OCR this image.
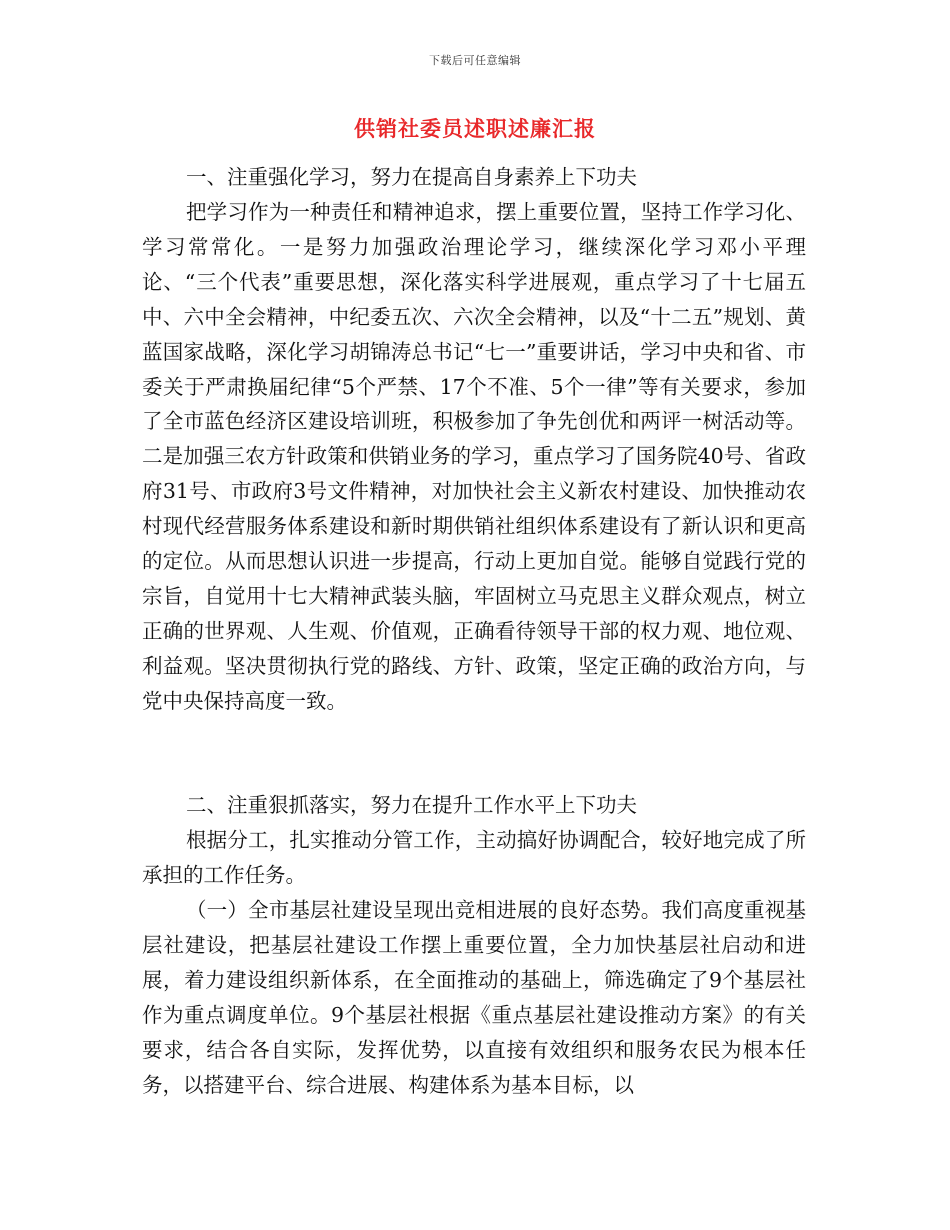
下载后可任意编辑
供销社委员述职述廉汇报

一、注重强化学习，努力在提高自身素养上下功夫

把学习作为一种责任和精神追求，摆上重要位置，坚持工作学习化、学习常常化。一是努力加强政治理论学习，继续深化学习邓小平理论、“三个代表”重要思想，深化落实科学进展观，重点学习了十七届五中、六中全会精神，中纪委五次、六次全会精神，以及“十二五”规划、黄蓝国家战略，深化学习胡锦涛总书记“七一”重要讲话，学习中央和省、市委关于严肃换届纪律“5个严禁、17个不准、5个一律”等有关要求，参加了全市蓝色经济区建设培训班，积极参加了争先创优和两评一树活动等。二是加强三农方针政策和供销业务的学习，重点学习了国务院40号、省政府31号、市政府3号文件精神，对加快社会主义新农村建设、加快推动农村现代经营服务体系建设和新时期供销社组织体系建设有了新认识和更高的定位。从而思想认识进一步提高，行动上更加自觉。能够自觉践行党的宗旨，自觉用十七大精神武装头脑，牢固树立马克思主义群众观点，树立正确的世界观、人生观、价值观，正确看待领导干部的权力观、地位观、利益观。坚决贯彻执行党的路线、方针、政策，坚定正确的政治方向，与党中央保持高度一致。

二、注重狠抓落实，努力在提升工作水平上下功夫

根据分工，扎实推动分管工作，主动搞好协调配合，较好地完成了所承担的工作任务。

（一）全市基层社建设呈现出竞相进展的良好态势。我们高度重视基层社建设，把基层社建设工作摆上重要位置，全力加快基层社启动和进展，着力建设组织新体系，在全面推动的基础上，筛选确定了9个基层社作为重点调度单位。9个基层社根据《重点基层社建设推动方案》的有关要求，结合各自实际，发挥优势，以直接有效组织和服务农民为根本任务，以搭建平台、综合进展、构建体系为基本目标，以
